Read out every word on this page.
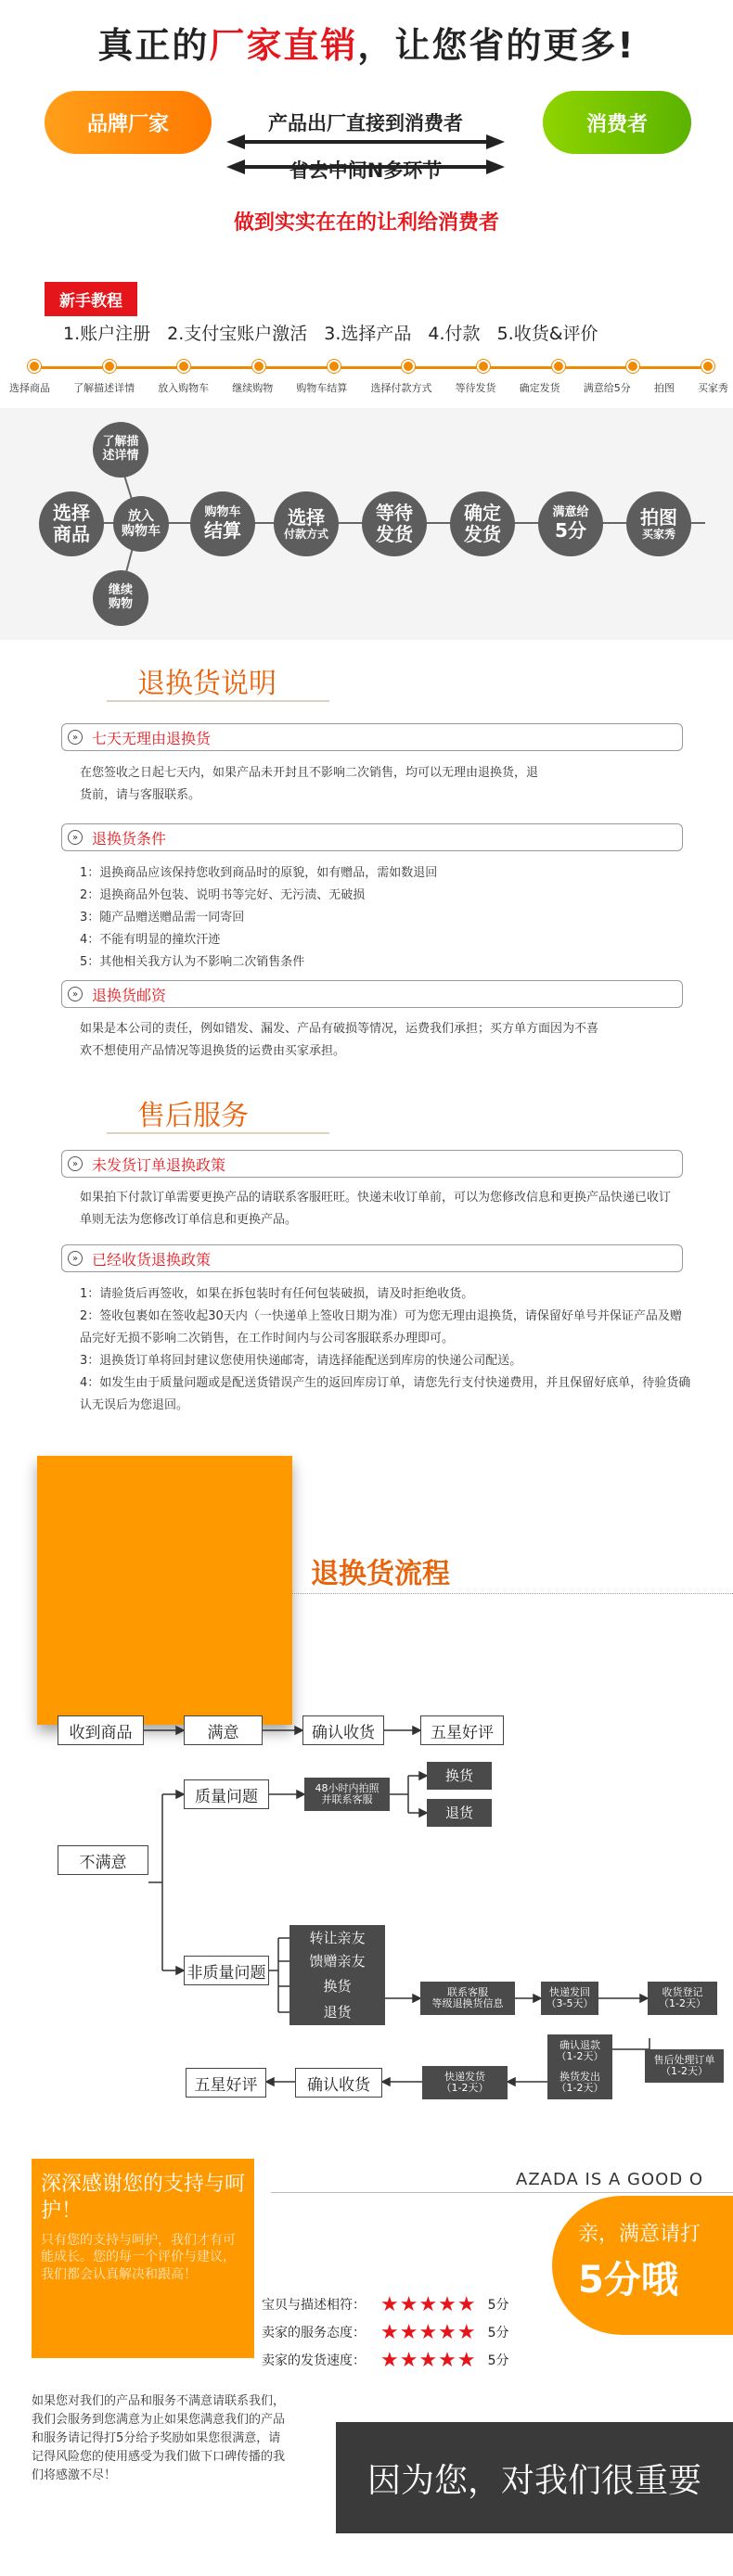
真正的厂家直销，让您省的更多!
品牌厂家	消费者
产品出厂直接到消费者
省去中间N多环节
做到实实在在的让利给消费者
新手教程
1.账户注册 2.支付宝账户激活 3.选择产品 4.付款 5.收货&评价
选择商品 了解描述详情 放入购物车 继续购物 购物车结算 选择付款方式 等待发货 确定发货 满意给5分 拍图 买家秀
选择
商品
放入
购物车
了解描
述详情
继续
购物
购物车
结算
选择
付款方式
等待
发货
确定
发货
满意给
5分
拍图
买家秀
退换货说明
» 七天无理由退换货
在您签收之日起七天内，如果产品未开封且不影响二次销售，均可以无理由退换货，退货前，请与客服联系。
» 退换货条件
1：退换商品应该保持您收到商品时的原貌，如有赠品，需如数退回
2：退换商品外包装、说明书等完好、无污渍、无破损
3：随产品赠送赠品需一同寄回
4：不能有明显的撞坎汗迹
5：其他相关我方认为不影响二次销售条件
» 退换货邮资
如果是本公司的责任，例如错发、漏发、产品有破损等情况，运费我们承担；买方单方面因为不喜欢不想使用产品情况等退换货的运费由买家承担。
售后服务
» 未发货订单退换政策
如果拍下付款订单需要更换产品的请联系客服旺旺。快递未收订单前，可以为您修改信息和更换产品快递已收订单则无法为您修改订单信息和更换产品。
» 已经收货退换政策
1：请验货后再签收，如果在拆包装时有任何包装破损，请及时拒绝收货。
2：签收包裹如在签收起30天内（一快递单上签收日期为准）可为您无理由退换货，请保留好单号并保证产品及赠品完好无损不影响二次销售，在工作时间内与公司客服联系办理即可。
3：退换货订单将回封建议您使用快递邮寄，请选择能配送到库房的快递公司配送。
4：如发生由于质量问题或是配送货错误产生的返回库房订单，请您先行支付快递费用，并且保留好底单，待验货确认无误后为您退回。
退换货流程
收到商品	满意	确认收货	五星好评
不满意
质量问题	48小时内拍照
并联系客服
换货
退货
非质量问题
转让亲友
馈赠亲友
换货
退货
联系客服
等级退换货信息
快递发回
（3-5天）
收货登记
（1-2天）
确认退款
（1-2天）	售后处理订单
（1-2天）
换货发出
（1-2天）
快递发货
（1-2天）
确认收货
五星好评
深深感谢您的支持与呵护！
只有您的支持与呵护，我们才有可能成长。您的每一个评价与建议，我们都会认真解决和跟高！
AZADA IS A GOOD O
亲，满意请打
5分哦
宝贝与描述相符： ★★★★★ 5分
卖家的服务态度： ★★★★★ 5分
卖家的发货速度： ★★★★★ 5分
如果您对我们的产品和服务不满意请联系我们，我们会服务到您满意为止如果您满意我们的产品和服务请记得打5分给予奖励如果您很满意，请记得风险您的使用感受为我们做下口碑传播的我们将感激不尽！	因为您，对我们很重要
